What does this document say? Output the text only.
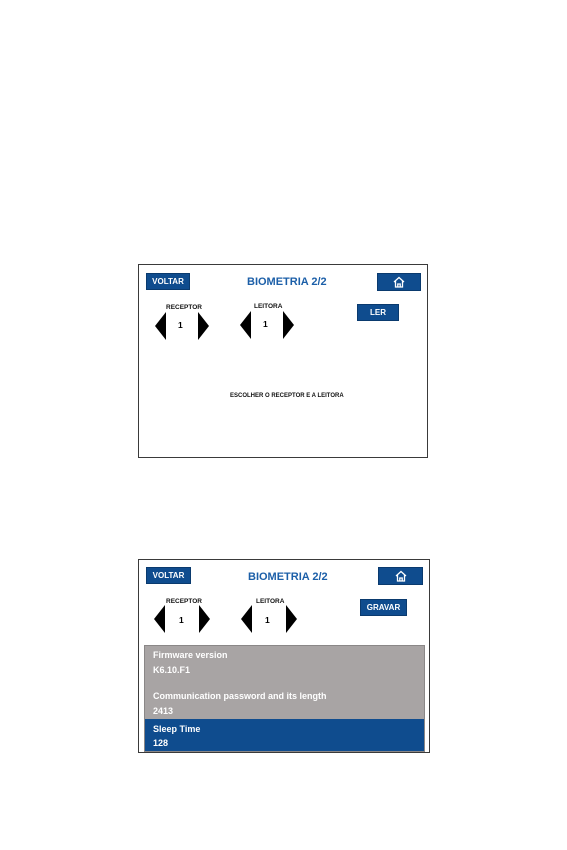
VOLTAR	BIOMETRIA 2/2
RECEPTOR
1
LEITORA
1
LER
ESCOLHER O RECEPTOR E A LEITORA
VOLTAR	BIOMETRIA 2/2
RECEPTOR
1
LEITORA
1
GRAVAR
Firmware version
K6.10.F1
Communication password and its length
2413
Sleep Time
128
